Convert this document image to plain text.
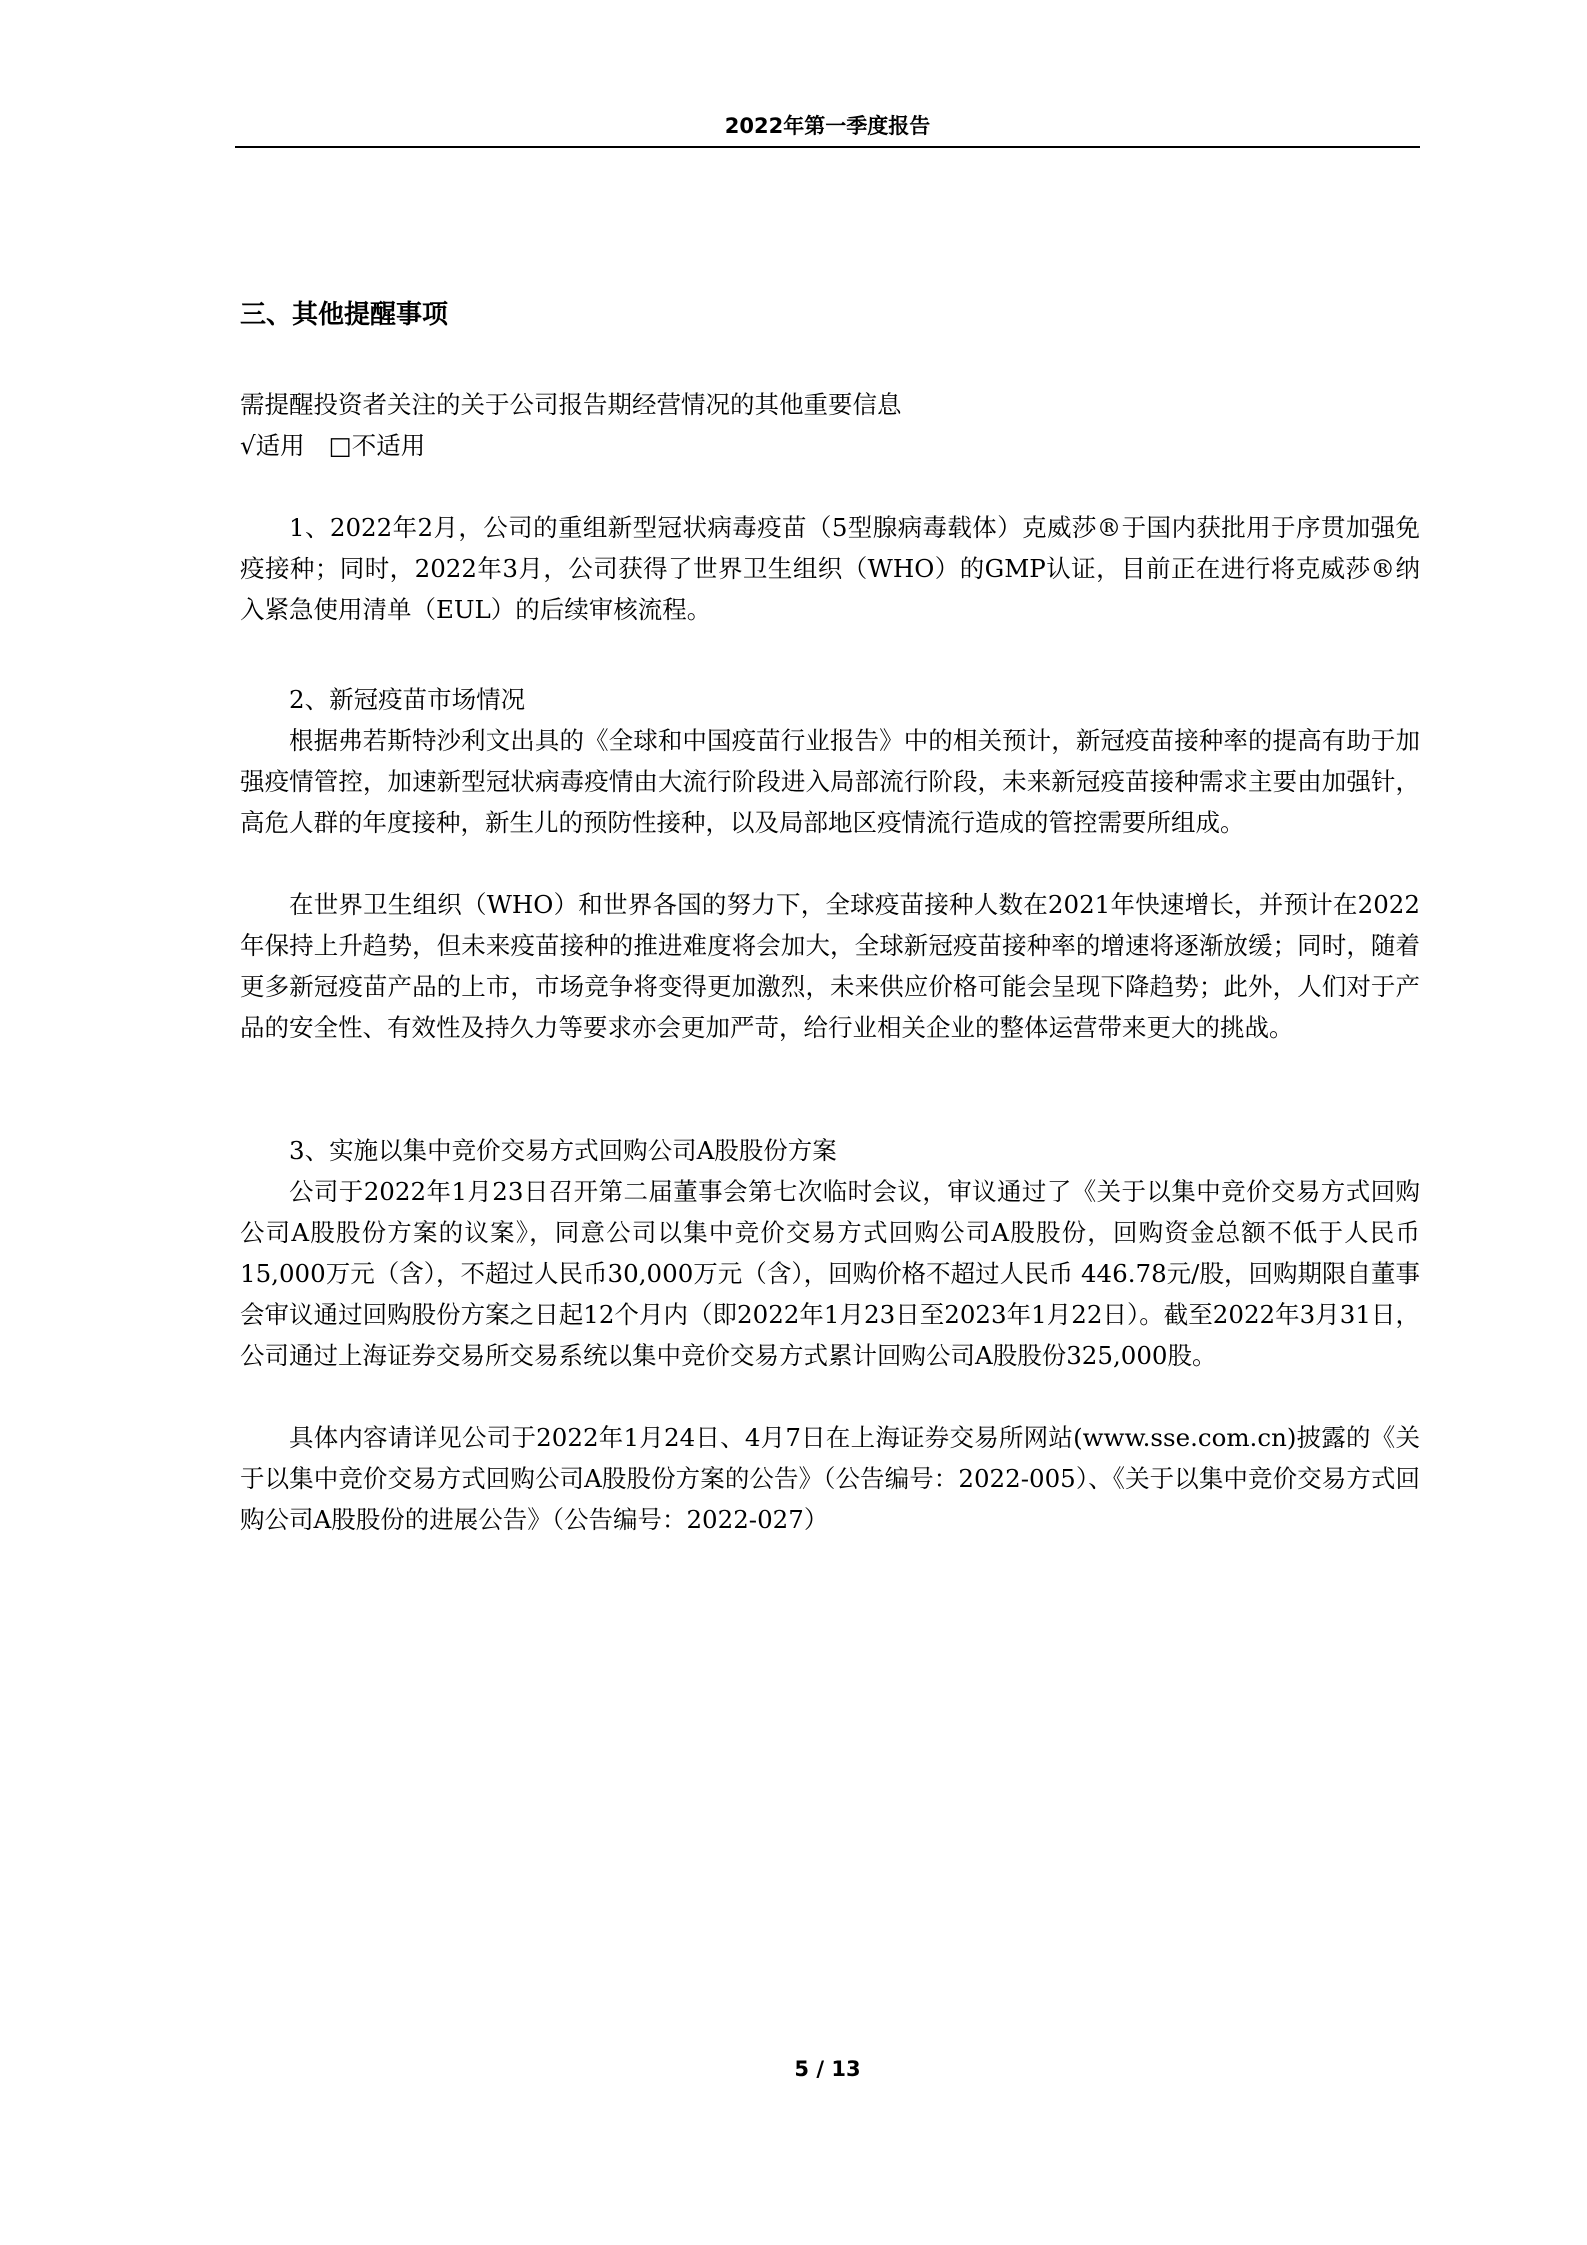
2022年第一季度报告
三、其他提醒事项
需提醒投资者关注的关于公司报告期经营情况的其他重要信息
√适用 □不适用
1、2022年2月，公司的重组新型冠状病毒疫苗（5型腺病毒载体）克威莎®于国内获批用于序贯加强免疫接种；同时，2022年3月，公司获得了世界卫生组织（WHO）的GMP认证，目前正在进行将克威莎®纳入紧急使用清单（EUL）的后续审核流程。
2、新冠疫苗市场情况
根据弗若斯特沙利文出具的《全球和中国疫苗行业报告》中的相关预计，新冠疫苗接种率的提高有助于加强疫情管控，加速新型冠状病毒疫情由大流行阶段进入局部流行阶段，未来新冠疫苗接种需求主要由加强针，高危人群的年度接种，新生儿的预防性接种，以及局部地区疫情流行造成的管控需要所组成。
在世界卫生组织（WHO）和世界各国的努力下，全球疫苗接种人数在2021年快速增长，并预计在2022年保持上升趋势，但未来疫苗接种的推进难度将会加大，全球新冠疫苗接种率的增速将逐渐放缓；同时，随着更多新冠疫苗产品的上市，市场竞争将变得更加激烈，未来供应价格可能会呈现下降趋势；此外，人们对于产品的安全性、有效性及持久力等要求亦会更加严苛，给行业相关企业的整体运营带来更大的挑战。
3、实施以集中竞价交易方式回购公司A股股份方案
公司于2022年1月23日召开第二届董事会第七次临时会议，审议通过了《关于以集中竞价交易方式回购公司A股股份方案的议案》，同意公司以集中竞价交易方式回购公司A股股份，回购资金总额不低于人民币15,000万元（含），不超过人民币30,000万元（含），回购价格不超过人民币 446.78元/股，回购期限自董事会审议通过回购股份方案之日起12个月内（即2022年1月23日至2023年1月22日）。截至2022年3月31日，公司通过上海证券交易所交易系统以集中竞价交易方式累计回购公司A股股份325,000股。
具体内容请详见公司于2022年1月24日、4月7日在上海证券交易所网站(www.sse.com.cn)披露的《关于以集中竞价交易方式回购公司A股股份方案的公告》（公告编号：2022-005）、《关于以集中竞价交易方式回购公司A股股份的进展公告》（公告编号：2022-027）
5 / 13
